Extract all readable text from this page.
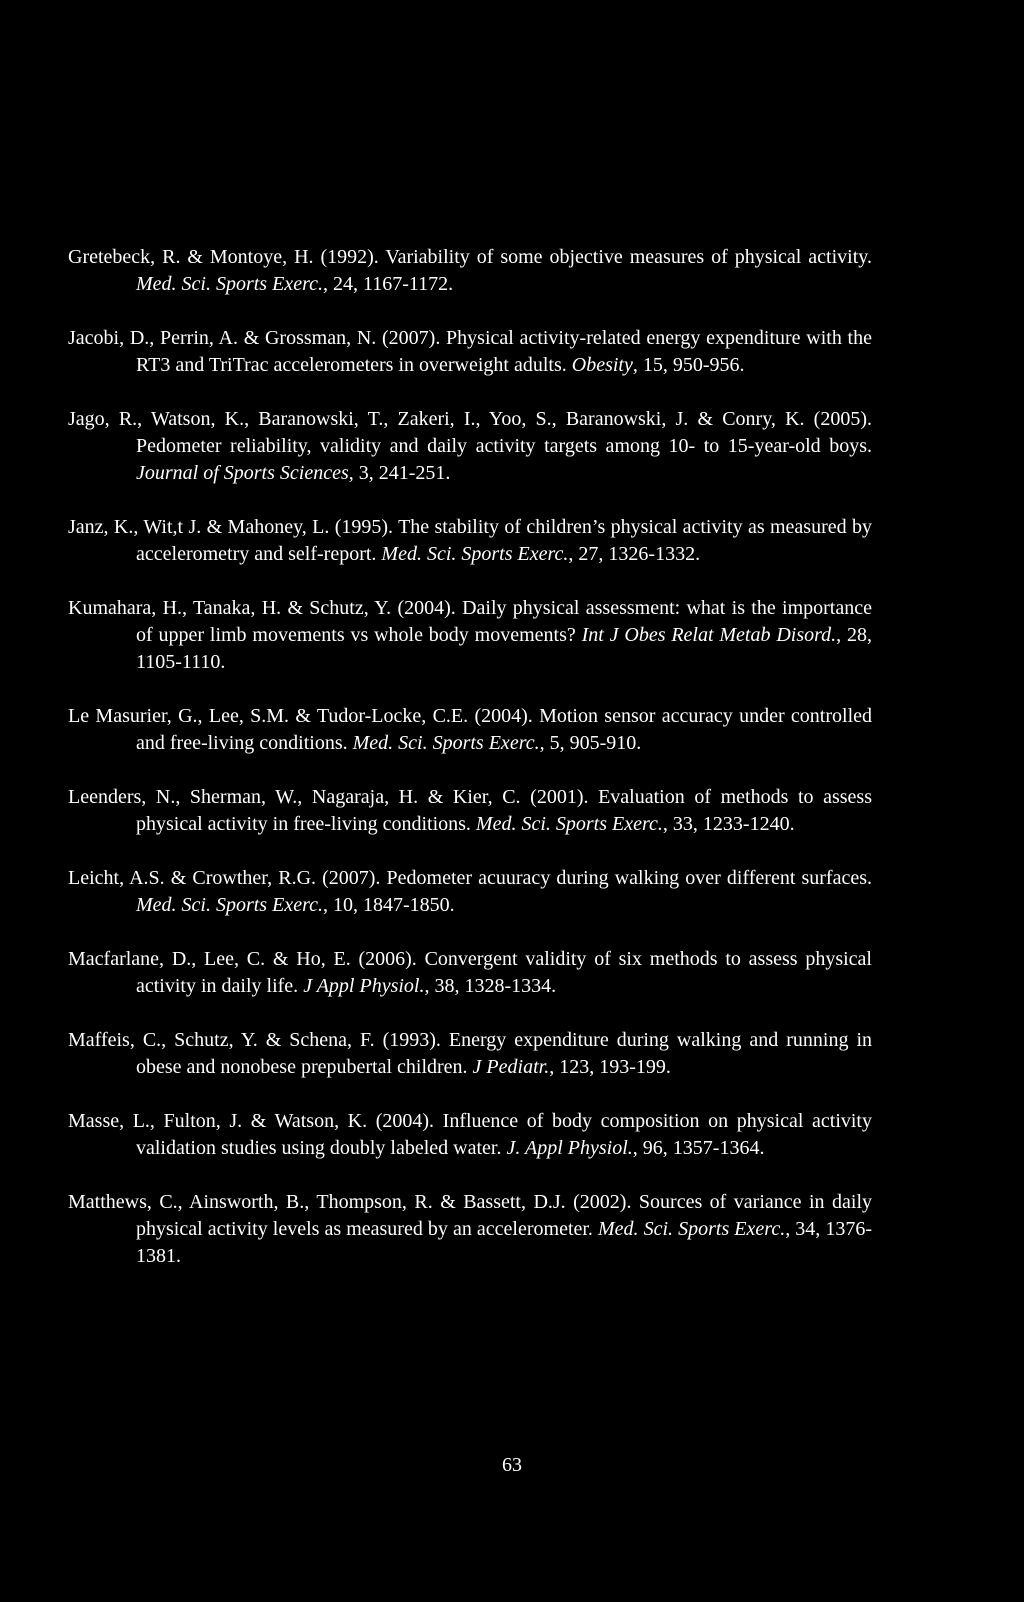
Gretebeck, R. & Montoye, H. (1992). Variability of some objective measures of physical activity. Med. Sci. Sports Exerc., 24, 1167-1172.
Jacobi, D., Perrin, A. & Grossman, N. (2007). Physical activity-related energy expenditure with the RT3 and TriTrac accelerometers in overweight adults. Obesity, 15, 950-956.
Jago, R., Watson, K., Baranowski, T., Zakeri, I., Yoo, S., Baranowski, J. & Conry, K. (2005). Pedometer reliability, validity and daily activity targets among 10- to 15-year-old boys. Journal of Sports Sciences, 3, 241-251.
Janz, K., Wit,t J. & Mahoney, L. (1995). The stability of children’s physical activity as measured by accelerometry and self-report. Med. Sci. Sports Exerc., 27, 1326-1332.
Kumahara, H., Tanaka, H. & Schutz, Y. (2004). Daily physical assessment: what is the importance of upper limb movements vs whole body movements? Int J Obes Relat Metab Disord., 28, 1105-1110.
Le Masurier, G., Lee, S.M. & Tudor-Locke, C.E. (2004). Motion sensor accuracy under controlled and free-living conditions. Med. Sci. Sports Exerc., 5, 905-910.
Leenders, N., Sherman, W., Nagaraja, H. & Kier, C. (2001). Evaluation of methods to assess physical activity in free-living conditions. Med. Sci. Sports Exerc., 33, 1233-1240.
Leicht, A.S. & Crowther, R.G. (2007). Pedometer acuuracy during walking over different surfaces. Med. Sci. Sports Exerc., 10, 1847-1850.
Macfarlane, D., Lee, C. & Ho, E. (2006). Convergent validity of six methods to assess physical activity in daily life. J Appl Physiol., 38, 1328-1334.
Maffeis, C., Schutz, Y. & Schena, F. (1993). Energy expenditure during walking and running in obese and nonobese prepubertal children. J Pediatr., 123, 193-199.
Masse, L., Fulton, J. & Watson, K. (2004). Influence of body composition on physical activity validation studies using doubly labeled water. J. Appl Physiol., 96, 1357-1364.
Matthews, C., Ainsworth, B., Thompson, R. & Bassett, D.J. (2002). Sources of variance in daily physical activity levels as measured by an accelerometer. Med. Sci. Sports Exerc., 34, 1376-1381.
63
